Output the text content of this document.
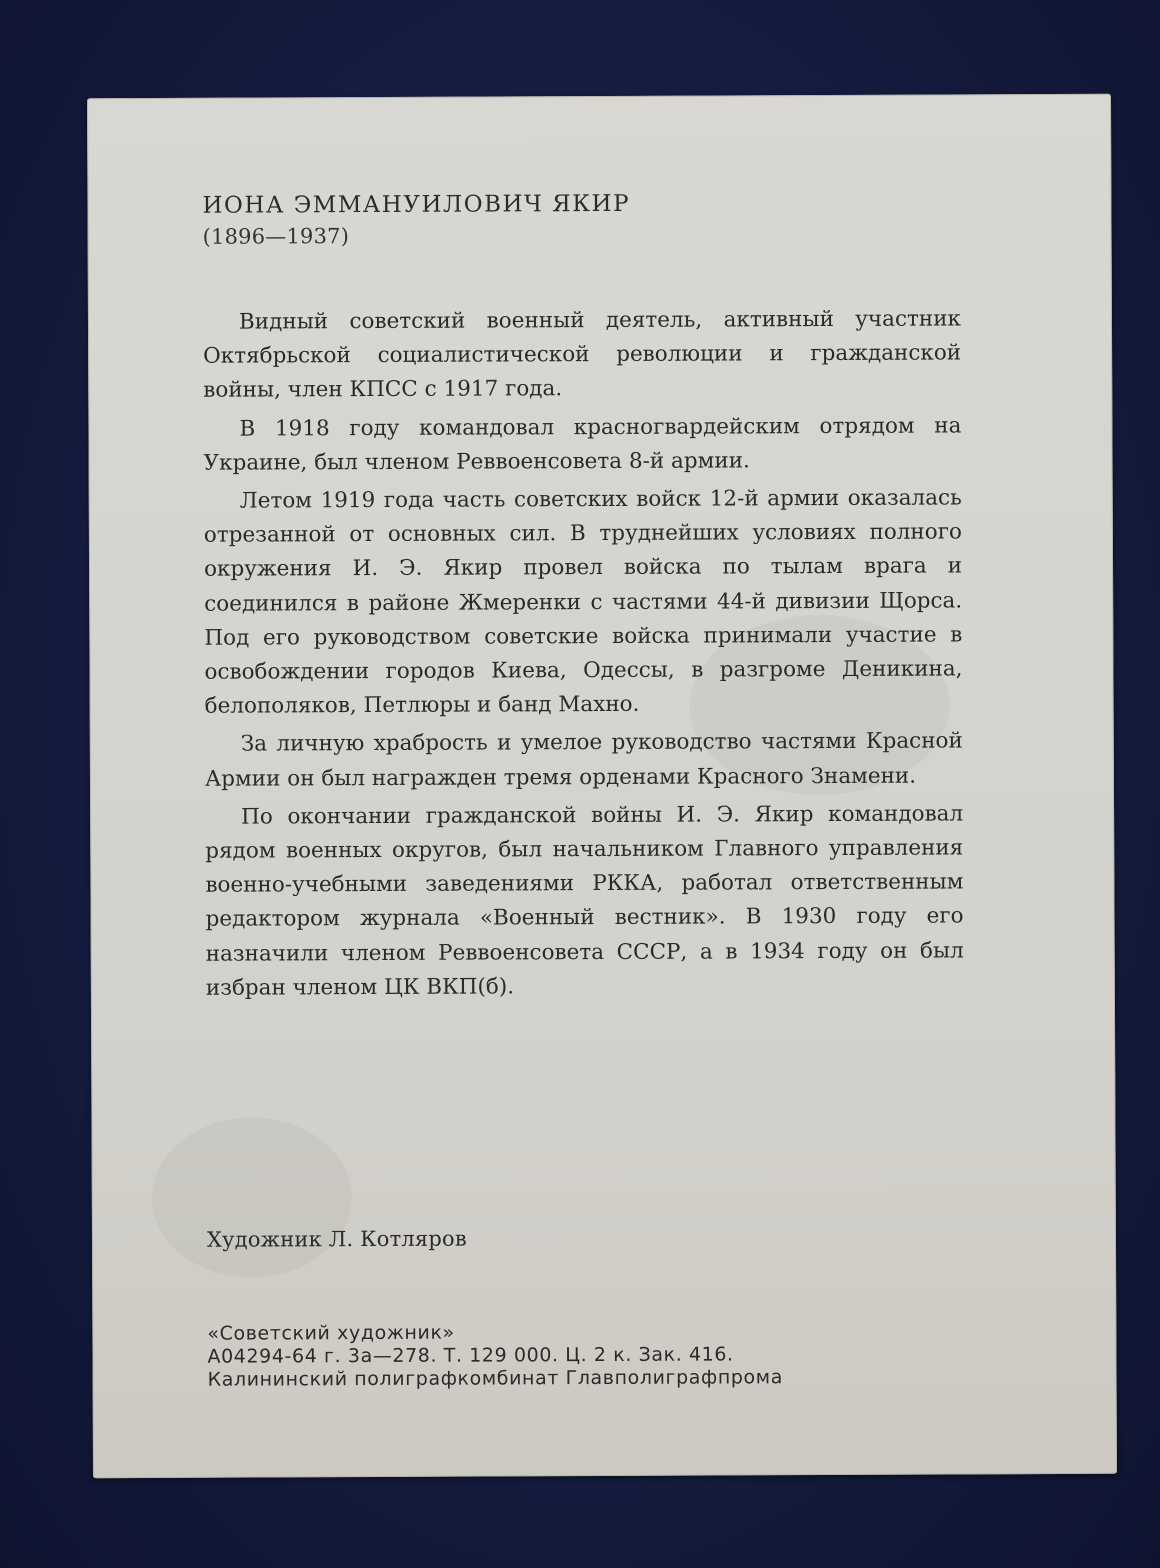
ИОНА ЭММАНУИЛОВИЧ ЯКИР
(1896—1937)

Видный советский военный деятель, активный участник Октябрьской социалистической революции и гражданской войны, член КПСС с 1917 года.

В 1918 году командовал красногвардейским отрядом на Украине, был членом Реввоенсовета 8-й армии.

Летом 1919 года часть советских войск 12-й армии оказалась отрезанной от основных сил. В труднейших условиях полного окружения И. Э. Якир провел войска по тылам врага и соединился в районе Жмеренки с частями 44-й дивизии Щорса. Под его руководством советские войска принимали участие в освобождении городов Киева, Одессы, в разгроме Деникина, белополяков, Петлюры и банд Махно.

За личную храбрость и умелое руководство частями Красной Армии он был награжден тремя орденами Красного Знамени.

По окончании гражданской войны И. Э. Якир командовал рядом военных округов, был начальником Главного управления военно-учебными заведениями РККА, работал ответственным редактором журнала «Военный вестник». В 1930 году его назначили членом Реввоенсовета СССР, а в 1934 году он был избран членом ЦК ВКП(б).

Художник Л. Котляров
«Советский художник»
А04294-64 г. 3а—278. Т. 129 000. Ц. 2 к. Зак. 416.
Калининский полиграфкомбинат Главполиграфпрома
